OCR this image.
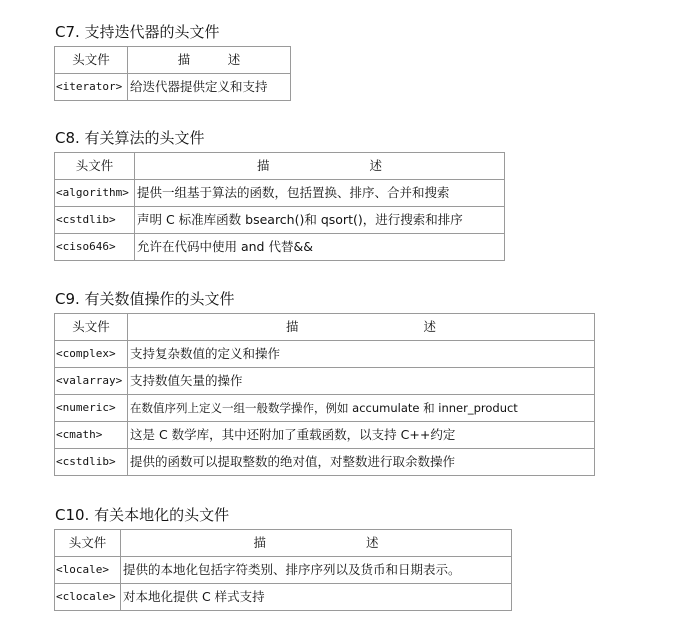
C7. 支持迭代器的头文件
头文件	描　　　述
<iterator>	给迭代器提供定义和支持
C8. 有关算法的头文件
头文件	描　　　　　　　　述
<algorithm>	提供一组基于算法的函数，包括置换、排序、合并和搜索
<cstdlib>	声明 C 标准库函数 bsearch()和 qsort()，进行搜索和排序
<ciso646>	允许在代码中使用 and 代替&&
C9. 有关数值操作的头文件
头文件	描　　　　　　　　　　述
<complex>	支持复杂数值的定义和操作
<valarray>	支持数值矢量的操作
<numeric>	在数值序列上定义一组一般数学操作，例如 accumulate 和 inner_product
<cmath>	这是 C 数学库，其中还附加了重载函数，以支持 C++约定
<cstdlib>	提供的函数可以提取整数的绝对值，对整数进行取余数操作
C10. 有关本地化的头文件
头文件	描　　　　　　　　述
<locale>	提供的本地化包括字符类别、排序序列以及货币和日期表示。
<clocale>	对本地化提供 C 样式支持
